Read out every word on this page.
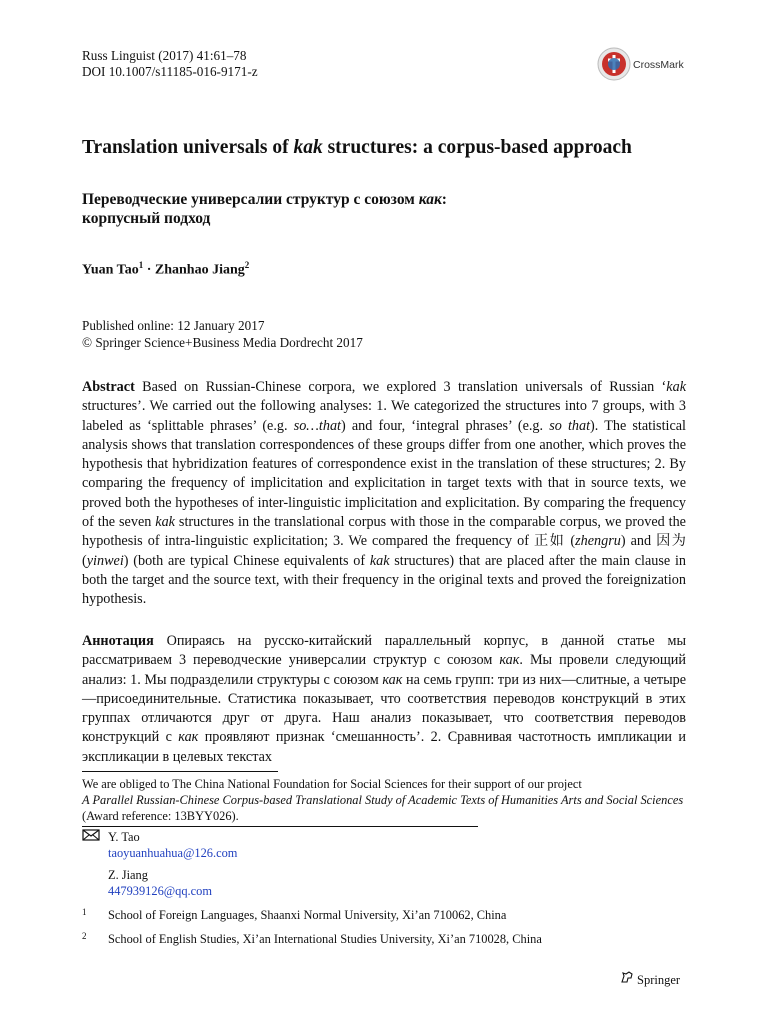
Russ Linguist (2017) 41:61–78
DOI 10.1007/s11185-016-9171-z	CrossMark
Translation universals of kak structures: a corpus-based approach
Переводческие универсалии структур с союзом как:
корпусный подход
Yuan Tao$^1$ · Zhanhao Jiang$^2$
Published online: 12 January 2017
© Springer Science+Business Media Dordrecht 2017
Abstract Based on Russian-Chinese corpora, we explored 3 translation universals of Russian ‘kak structures’. We carried out the following analyses: 1. We categorized the structures into 7 groups, with 3 labeled as ‘splittable phrases’ (e.g. so…that) and four, ‘integral phrases’ (e.g. so that). The statistical analysis shows that translation correspondences of these groups differ from one another, which proves the hypothesis that hybridization features of correspondence exist in the translation of these structures; 2. By comparing the frequency of implicitation and explicitation in target texts with that in source texts, we proved both the hypotheses of inter-linguistic implicitation and explicitation. By comparing the frequency of the seven kak structures in the translational corpus with those in the comparable corpus, we proved the hypothesis of intra-linguistic explicitation; 3. We compared the frequency of 正如 (zhengru) and 因为 (yinwei) (both are typical Chinese equivalents of kak structures) that are placed after the main clause in both the target and the source text, with their frequency in the original texts and proved the foreignization hypothesis.
Аннотация Опираясь на русско-китайский параллельный корпус, в данной статье мы рассматриваем 3 переводческие универсалии структур с союзом как. Мы провели следующий анализ: 1. Мы подразделили структуры с союзом как на семь групп: три из них—слитные, а четыре—присоединительные. Статистика показывает, что соответствия переводов конструкций в этих группах отличаются друг от друга. Наш анализ показывает, что соответствия переводов конструкций с как проявляют признак ‘смешанность’. 2. Сравнивая частотность импликации и экспликации в целевых текстах
We are obliged to The China National Foundation for Social Sciences for their support of our project
A Parallel Russian-Chinese Corpus-based Translational Study of Academic Texts of Humanities Arts and Social Sciences (Award reference: 13BYY026).
Y. Tao
taoyuanhuahua@126.com
Z. Jiang
447939126@qq.com
1 School of Foreign Languages, Shaanxi Normal University, Xi’an 710062, China
2 School of English Studies, Xi’an International Studies University, Xi’an 710028, China
Springer
